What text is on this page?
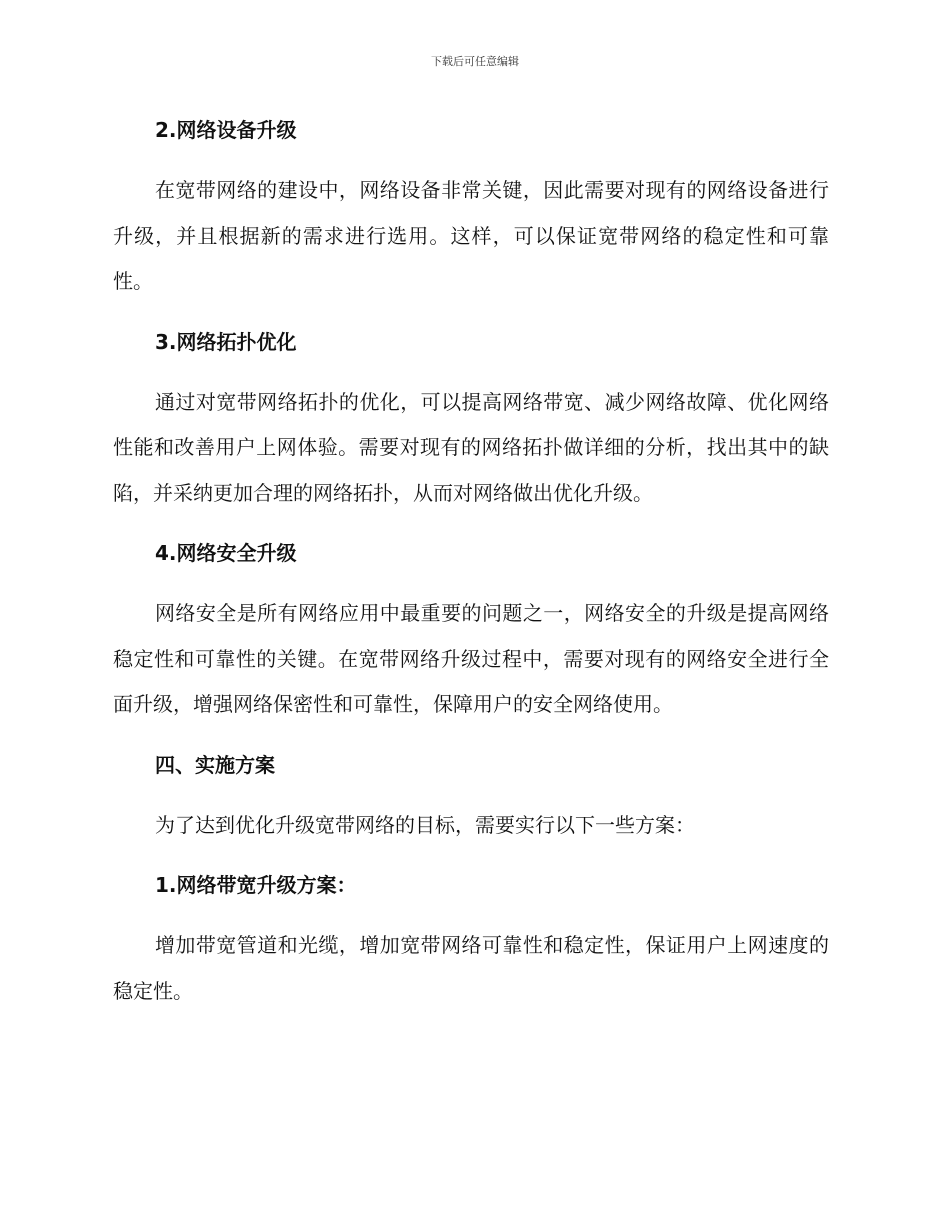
下载后可任意编辑
2.网络设备升级

在宽带网络的建设中，网络设备非常关键，因此需要对现有的网络设备进行升级，并且根据新的需求进行选用。这样，可以保证宽带网络的稳定性和可靠性。

3.网络拓扑优化

通过对宽带网络拓扑的优化，可以提高网络带宽、减少网络故障、优化网络性能和改善用户上网体验。需要对现有的网络拓扑做详细的分析，找出其中的缺陷，并采纳更加合理的网络拓扑，从而对网络做出优化升级。

4.网络安全升级

网络安全是所有网络应用中最重要的问题之一，网络安全的升级是提高网络稳定性和可靠性的关键。在宽带网络升级过程中，需要对现有的网络安全进行全面升级，增强网络保密性和可靠性，保障用户的安全网络使用。

四、实施方案

为了达到优化升级宽带网络的目标，需要实行以下一些方案：

1.网络带宽升级方案：

增加带宽管道和光缆，增加宽带网络可靠性和稳定性，保证用户上网速度的稳定性。
